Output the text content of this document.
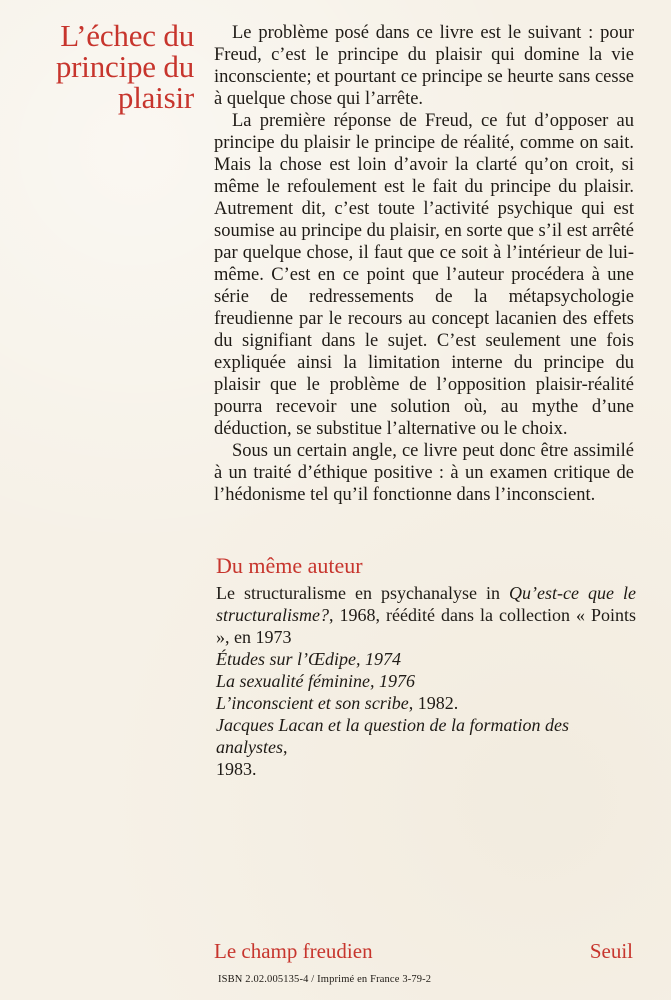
L’échec du
principe du
plaisir

Le problème posé dans ce livre est le suivant : pour Freud, c’est le principe du plaisir qui domine la vie inconsciente; et pourtant ce principe se heurte sans cesse à quelque chose qui l’arrête.

La première réponse de Freud, ce fut d’opposer au principe du plaisir le principe de réalité, comme on sait. Mais la chose est loin d’avoir la clarté qu’on croit, si même le refoulement est le fait du principe du plaisir. Autrement dit, c’est toute l’activité psychique qui est soumise au principe du plaisir, en sorte que s’il est arrêté par quelque chose, il faut que ce soit à l’intérieur de lui-même. C’est en ce point que l’auteur procédera à une série de redressements de la métapsychologie freudienne par le recours au concept lacanien des effets du signifiant dans le sujet. C’est seulement une fois expliquée ainsi la limitation interne du principe du plaisir que le problème de l’opposition plaisir-réalité pourra recevoir une solution où, au mythe d’une déduction, se substitue l’alternative ou le choix.

Sous un certain angle, ce livre peut donc être assimilé à un traité d’éthique positive : à un examen critique de l’hédonisme tel qu’il fonctionne dans l’inconscient.

Du même auteur

Le structuralisme en psychanalyse in Qu’est-ce que le structuralisme?, 1968, réédité dans la collection « Points », en 1973

Études sur l’Œdipe, 1974

La sexualité féminine, 1976

L’inconscient et son scribe, 1982.

Jacques Lacan et la question de la formation des analystes,
1983.

Le champ freudien	Seuil

ISBN 2.02.005135-4 / Imprimé en France 3-79-2
